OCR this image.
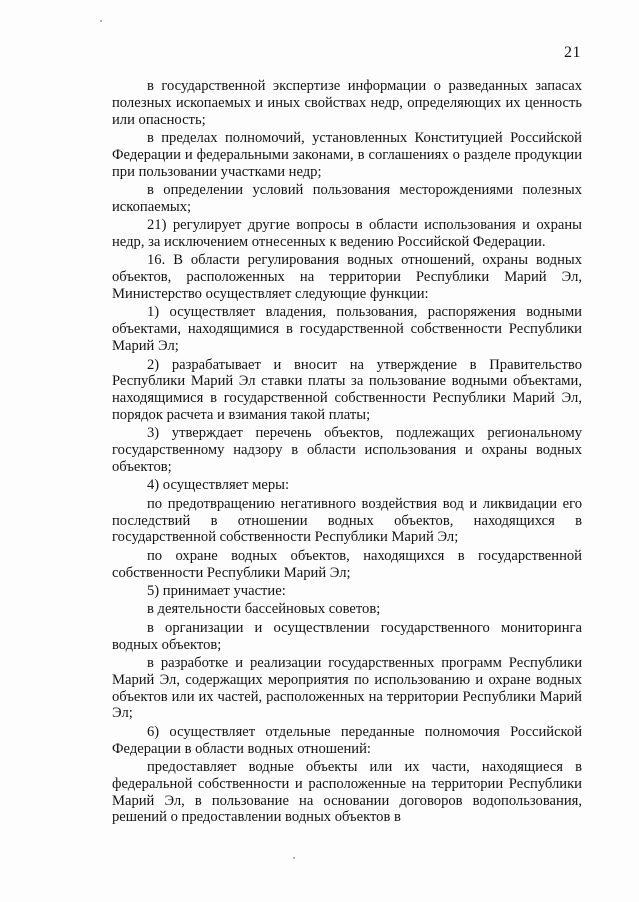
21

в государственной экспертизе информации о разведанных запасах полезных ископаемых и иных свойствах недр, определяющих их ценность или опасность;

в пределах полномочий, установленных Конституцией Российской Федерации и федеральными законами, в соглашениях о разделе продукции при пользовании участками недр;

в определении условий пользования месторождениями полезных ископаемых;

21) регулирует другие вопросы в области использования и охраны недр, за исключением отнесенных к ведению Российской Федерации.

16. В области регулирования водных отношений, охраны водных объектов, расположенных на территории Республики Марий Эл, Министерство осуществляет следующие функции:

1) осуществляет владения, пользования, распоряжения водными объектами, находящимися в государственной собственности Республики Марий Эл;

2) разрабатывает и вносит на утверждение в Правительство Республики Марий Эл ставки платы за пользование водными объектами, находящимися в государственной собственности Республики Марий Эл, порядок расчета и взимания такой платы;

3) утверждает перечень объектов, подлежащих региональному государственному надзору в области использования и охраны водных объектов;

4) осуществляет меры:

по предотвращению негативного воздействия вод и ликвидации его последствий в отношении водных объектов, находящихся в государственной собственности Республики Марий Эл;

по охране водных объектов, находящихся в государственной собственности Республики Марий Эл;

5) принимает участие:

в деятельности бассейновых советов;

в организации и осуществлении государственного мониторинга водных объектов;

в разработке и реализации государственных программ Республики Марий Эл, содержащих мероприятия по использованию и охране водных объектов или их частей, расположенных на территории Республики Марий Эл;

6) осуществляет отдельные переданные полномочия Российской Федерации в области водных отношений:

предоставляет водные объекты или их части, находящиеся в федеральной собственности и расположенные на территории Республики Марий Эл, в пользование на основании договоров водопользования, решений о предоставлении водных объектов в
